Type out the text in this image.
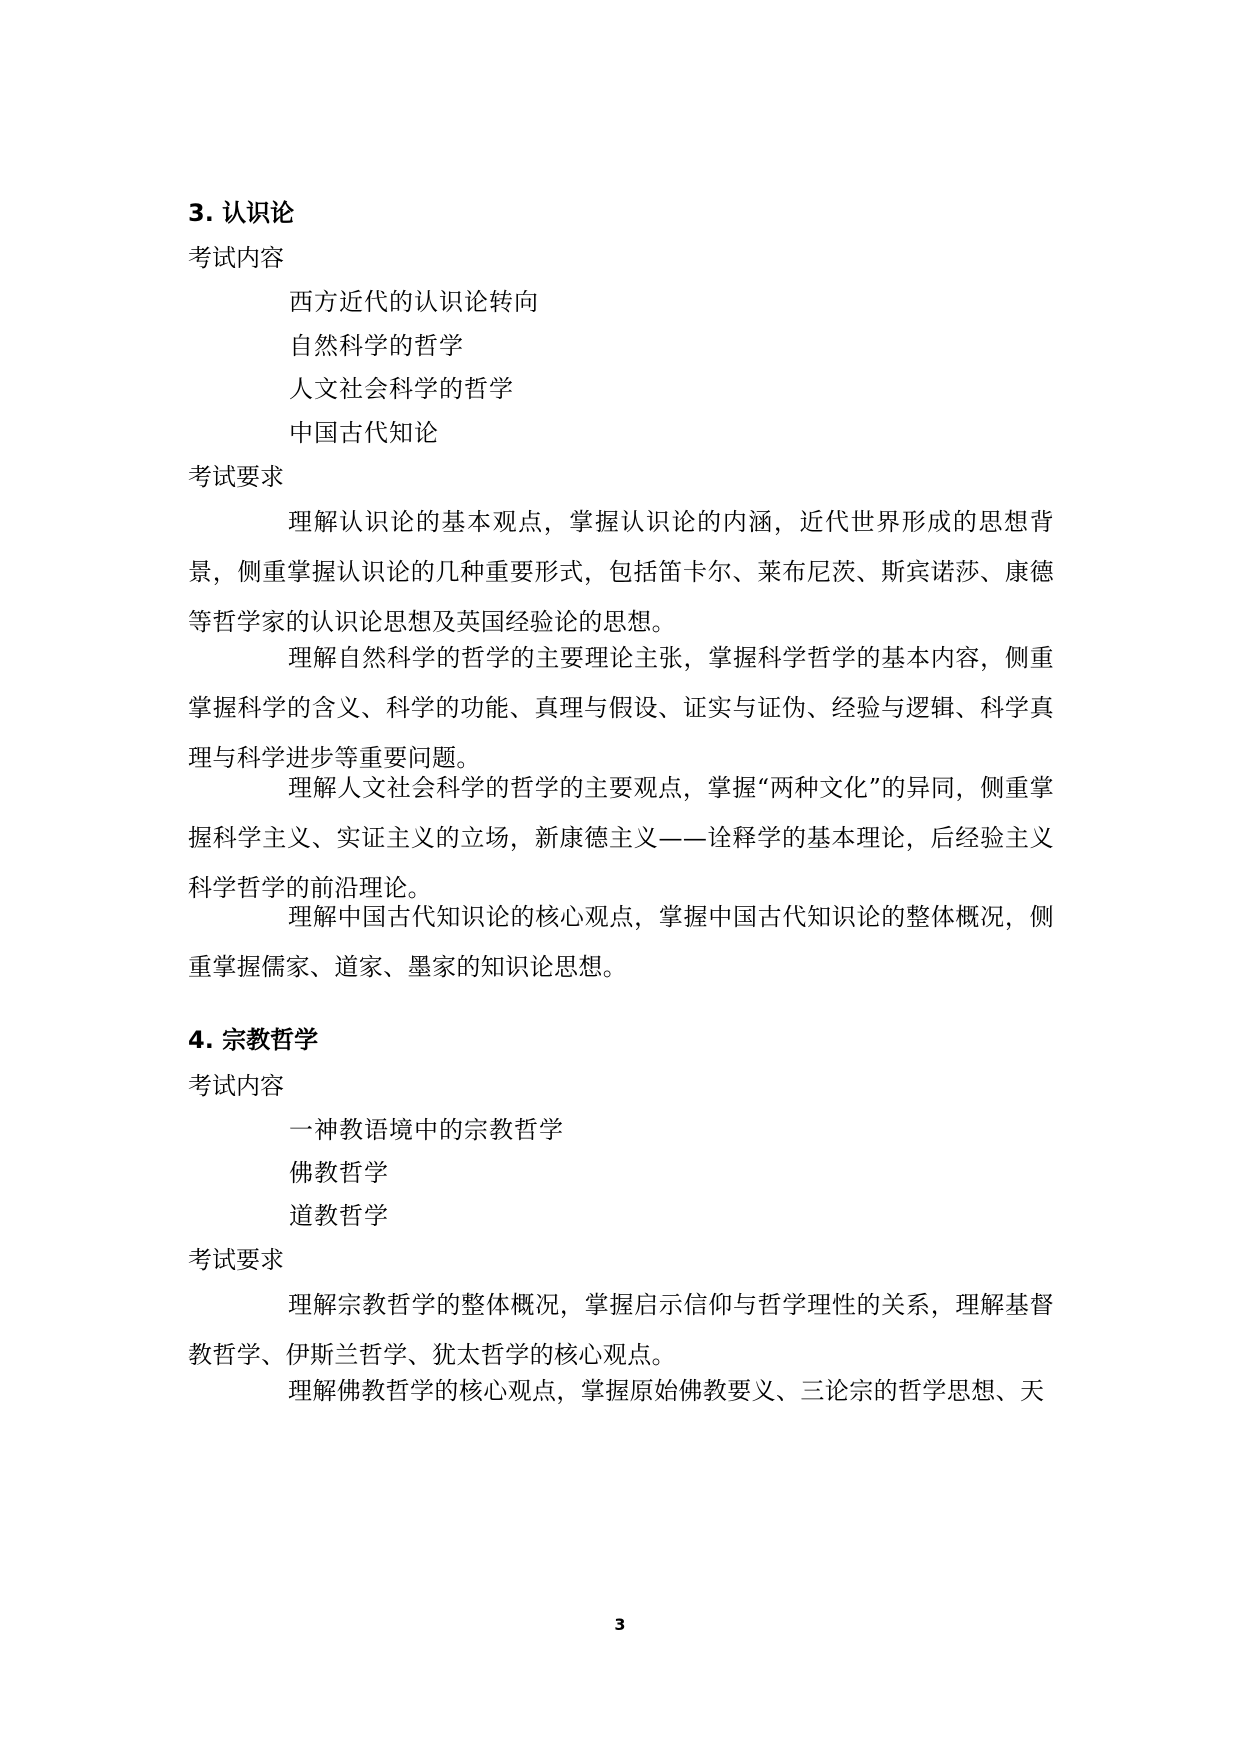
3. 认识论
考试内容
西方近代的认识论转向
自然科学的哲学
人文社会科学的哲学
中国古代知论
考试要求
理解认识论的基本观点，掌握认识论的内涵，近代世界形成的思想背景，侧重掌握认识论的几种重要形式，包括笛卡尔、莱布尼茨、斯宾诺莎、康德等哲学家的认识论思想及英国经验论的思想。
理解自然科学的哲学的主要理论主张，掌握科学哲学的基本内容，侧重掌握科学的含义、科学的功能、真理与假设、证实与证伪、经验与逻辑、科学真理与科学进步等重要问题。
理解人文社会科学的哲学的主要观点，掌握“两种文化”的异同，侧重掌握科学主义、实证主义的立场，新康德主义——诠释学的基本理论，后经验主义科学哲学的前沿理论。
理解中国古代知识论的核心观点，掌握中国古代知识论的整体概况，侧重掌握儒家、道家、墨家的知识论思想。
4. 宗教哲学
考试内容
一神教语境中的宗教哲学
佛教哲学
道教哲学
考试要求
理解宗教哲学的整体概况，掌握启示信仰与哲学理性的关系，理解基督教哲学、伊斯兰哲学、犹太哲学的核心观点。
理解佛教哲学的核心观点，掌握原始佛教要义、三论宗的哲学思想、天
3
